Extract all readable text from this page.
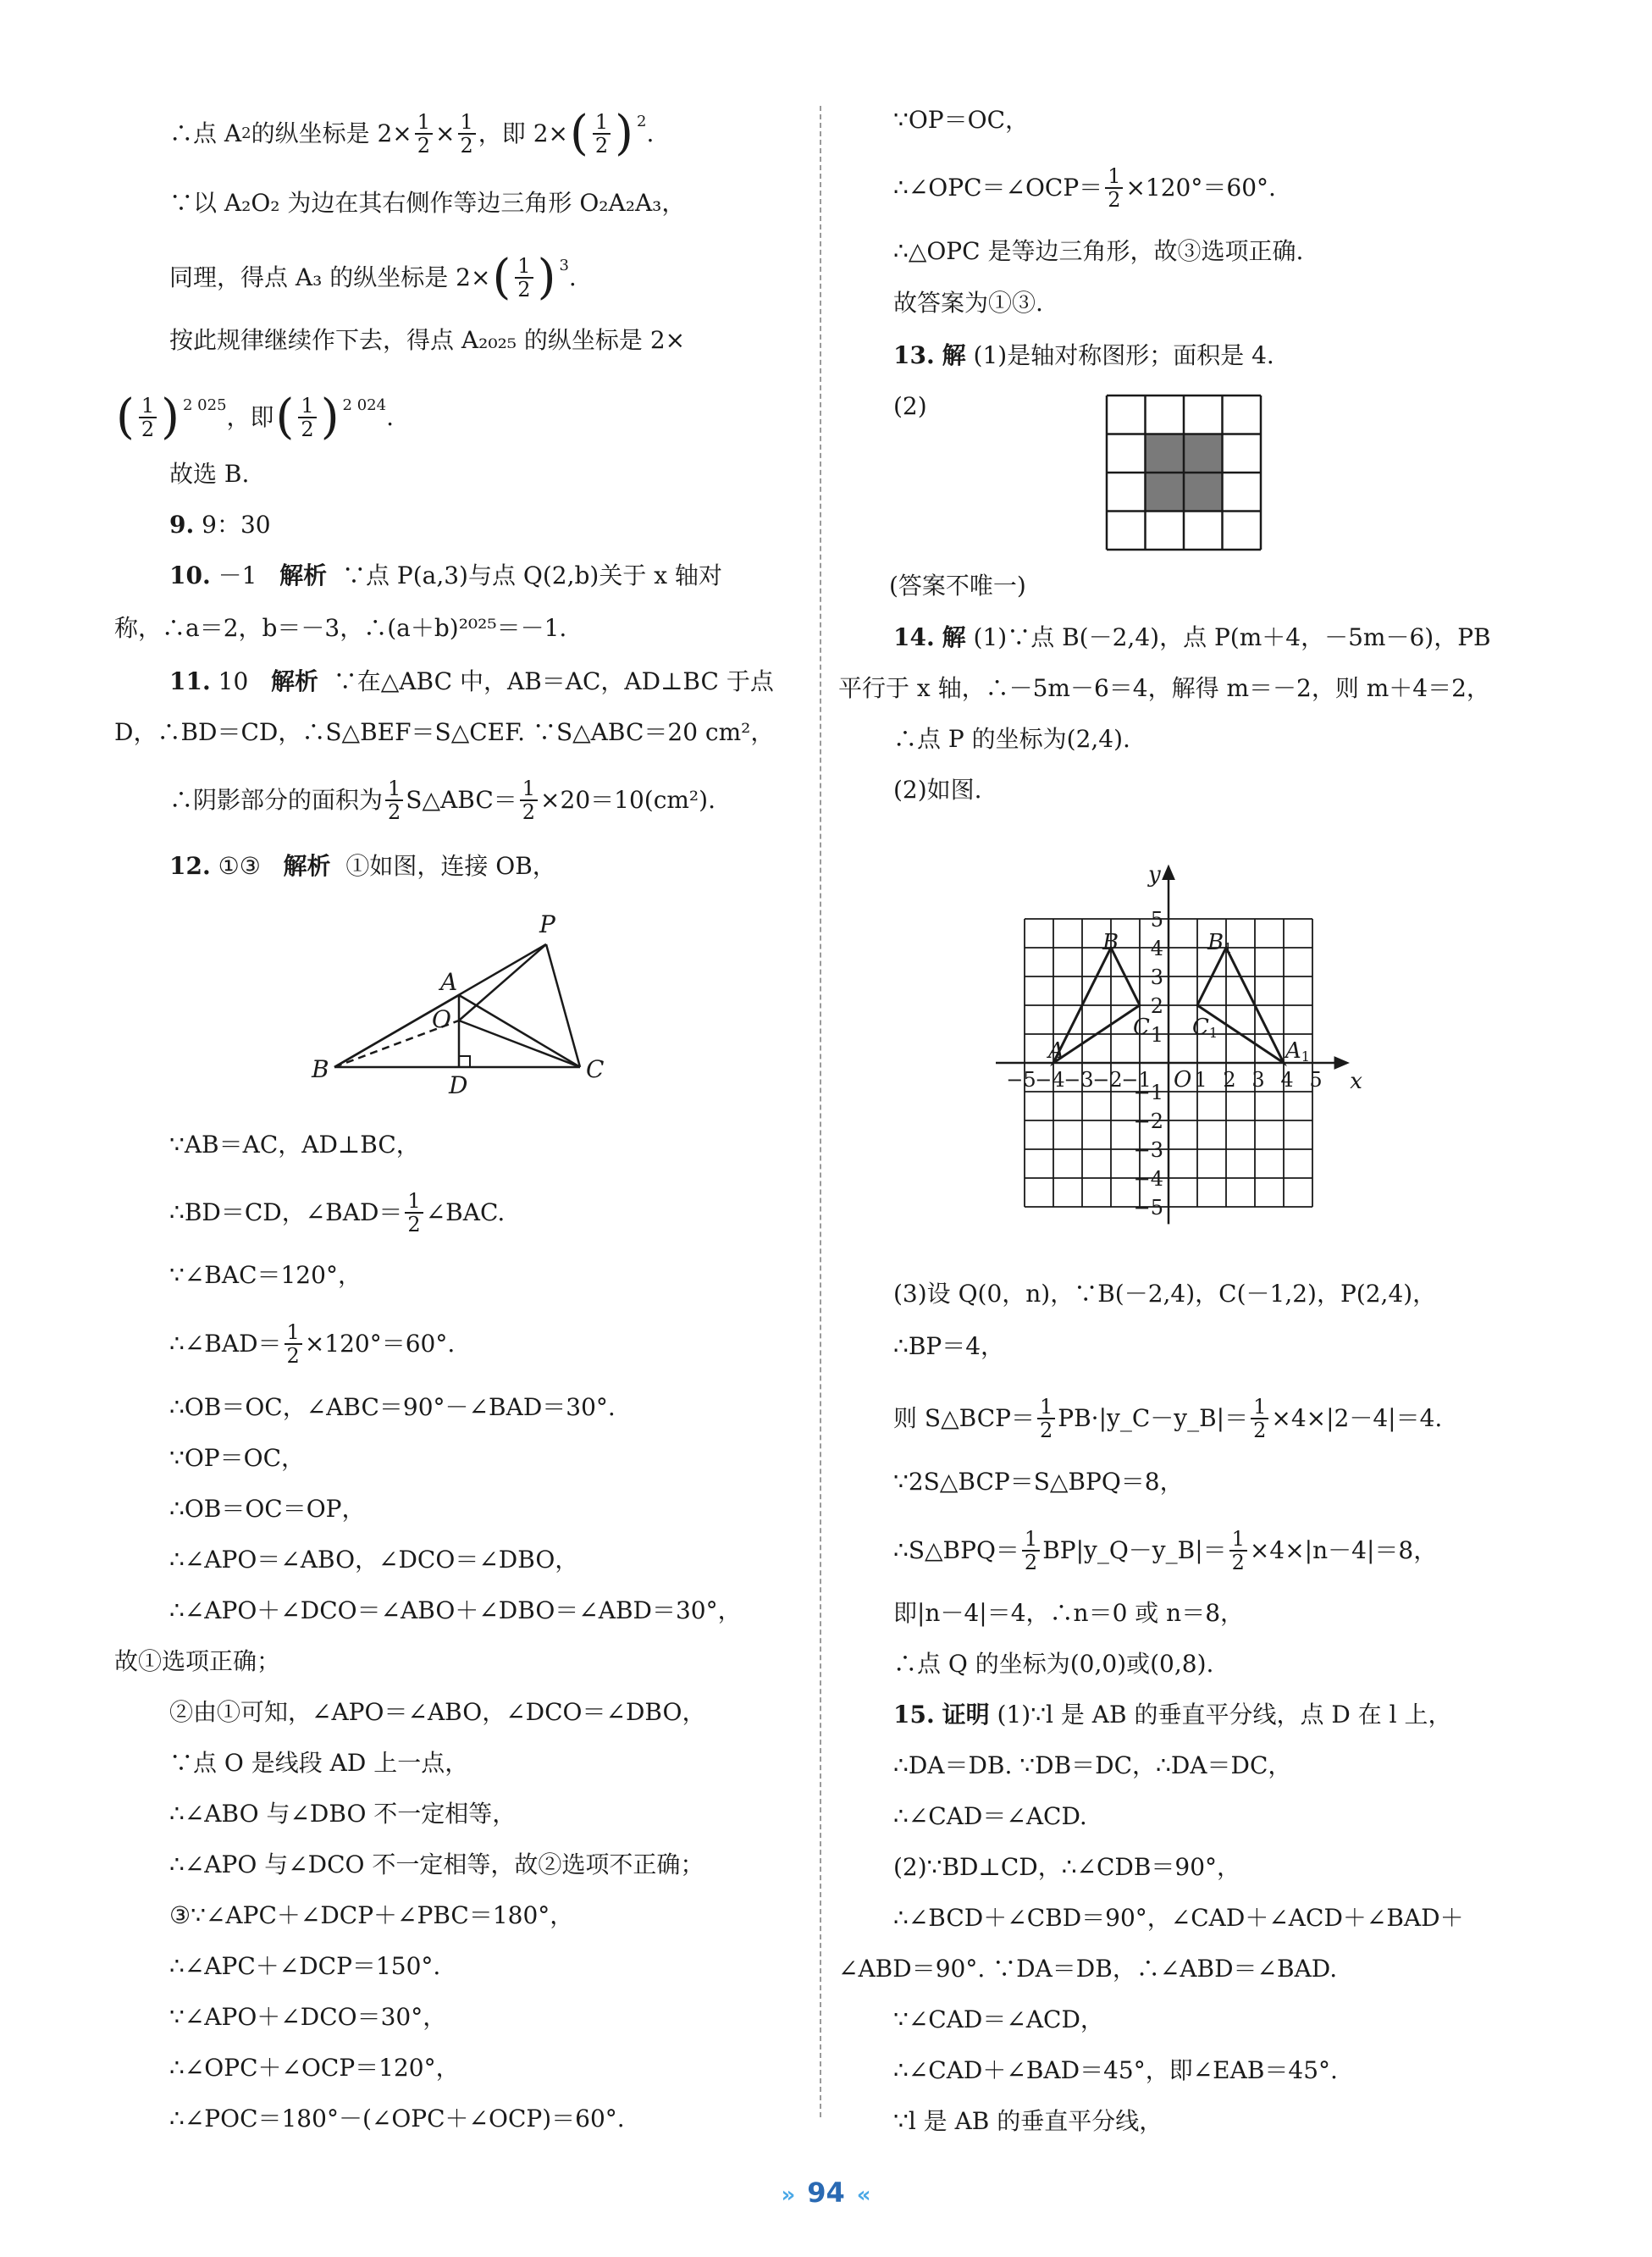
∴点 A 2 的纵坐标是 $2\times \frac{1}{2} \times \frac{1}{2}$ ，即 2× ( $\frac{1}{2} )^2$ .
∵以 A₂O₂ 为边在其右侧作等边三角形 O₂A₂A₃，
同理，得点 A₃ 的纵坐标是 2× ( $\frac{1}{2} )^3$ .
按此规律继续作下去，得点 A₂₀₂₅ 的纵坐标是 2×
( $\frac{1}{2} )^{2 025}$ ，即 ( $\frac{1}{2} )^{2 024}$ .
故选 B.
9.
9：30
10.
－1
解析
∵点 P(a,3)与点 Q(2,b)关于 x 轴对
称，∴a＝2，b＝－3，∴(a＋b)²⁰²⁵＝－1.
11.
10
解析
∵在△ABC 中，AB＝AC，AD⊥BC 于点
D，∴BD＝CD，∴S△BEF＝S△CEF. ∵S△ABC＝20 cm²，
∴阴影部分的面积为 $\frac{1}{2}$ S△ABC＝ $\frac{1}{2} \times 20=10(cm^2)$.
12.
①③
解析
①如图，连接 OB，
P
A
O
B
D
C
∵AB＝AC，AD⊥BC，
∴BD＝CD，∠BAD＝ $\frac{1}{2}$ ∠BAC.
∵∠BAC＝120°，
∴∠BAD＝ $\frac{1}{2} \times 120^\circ=60^\circ$.
∴OB＝OC，∠ABC＝90°－∠BAD＝30°.
∵OP＝OC，
∴OB＝OC＝OP，
∴∠APO＝∠ABO，∠DCO＝∠DBO，
∴∠APO＋∠DCO＝∠ABO＋∠DBO＝∠ABD＝30°，
故①选项正确；
②由①可知，∠APO＝∠ABO，∠DCO＝∠DBO，
∵点 O 是线段 AD 上一点，
∴∠ABO 与∠DBO 不一定相等，
∴∠APO 与∠DCO 不一定相等，故②选项不正确；
③∵∠APC＋∠DCP＋∠PBC＝180°，
∴∠APC＋∠DCP＝150°.
∵∠APO＋∠DCO＝30°，
∴∠OPC＋∠OCP＝120°，
∴∠POC＝180°－(∠OPC＋∠OCP)＝60°.
∵OP＝OC，
∴∠OPC＝∠OCP＝ $\frac{1}{2} \times 120^\circ=60^\circ$.
∴△OPC 是等边三角形，故③选项正确.
故答案为①③.
13.
解
(1)是轴对称图形；面积是 4.
(2)
(答案不唯一)
14.
解
(1)∵点 B(－2,4)，点 P(m＋4，－5m－6)，PB
平行于 x 轴，∴－5m－6＝4，解得 m＝－2，则 m＋4＝2，
∴点 P 的坐标为(2,4).
(2)如图.
−5
−4
−3
−2
−1 1 2 3 4 5
5
4
3
2
1
−1
−2
−3
−4
−5
y
x
O
B
C
A
B1
C1
A1
(3)设 Q(0，n)，∵B(－2,4)，C(－1,2)，P(2,4)，
∴BP＝4，
则 S△BCP＝ $\frac{1}{2}$ PB·|y_C－y_B|＝ $\frac{1}{2} \times 4\times|2-4|=4$.
∵2S△BCP＝S△BPQ＝8，
∴S△BPQ＝ $\frac{1}{2}$ BP|y_Q－y_B|＝ $\frac{1}{2} \times 4\times|n-4|=8$，
即|n－4|＝4，∴n＝0 或 n＝8，
∴点 Q 的坐标为(0,0)或(0,8).
15.
证明
(1)∵l 是 AB 的垂直平分线，点 D 在 l 上，
∴DA＝DB. ∵DB＝DC，∴DA＝DC，
∴∠CAD＝∠ACD.
(2)∵BD⊥CD，∴∠CDB＝90°，
∴∠BCD＋∠CBD＝90°，∠CAD＋∠ACD＋∠BAD＋
∠ABD＝90°. ∵DA＝DB，∴∠ABD＝∠BAD.
∵∠CAD＝∠ACD，
∴∠CAD＋∠BAD＝45°，即∠EAB＝45°.
∵l 是 AB 的垂直平分线，
» 94 «
